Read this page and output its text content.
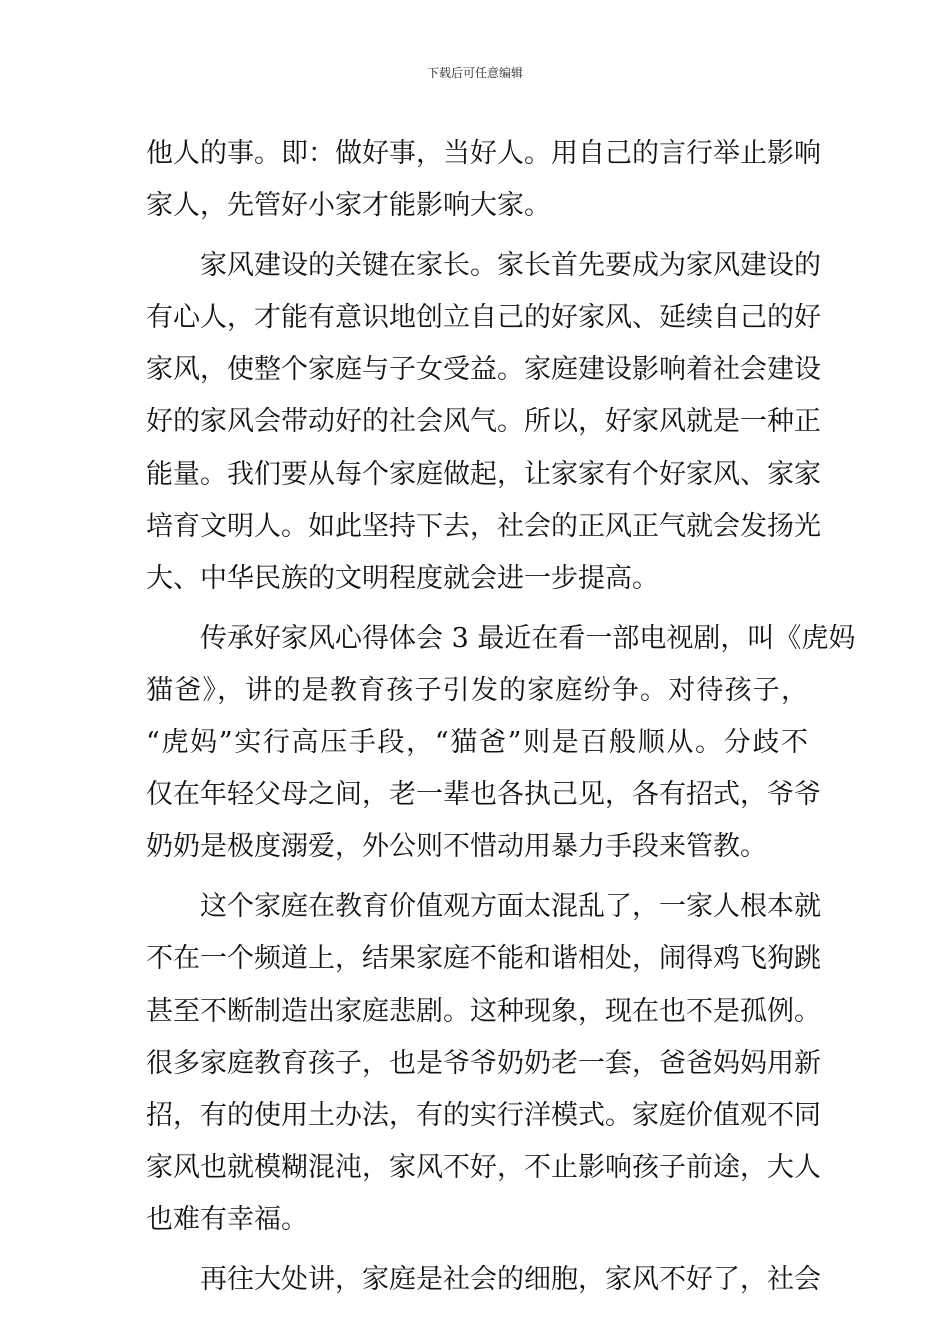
下载后可任意编辑
他人的事。即：做好事，当好人。用自己的言行举止影响
家人，先管好小家才能影响大家。
家风建设的关键在家长。家长首先要成为家风建设的
有心人，才能有意识地创立自己的好家风、延续自己的好
家风，使整个家庭与子女受益。家庭建设影响着社会建设
好的家风会带动好的社会风气。所以，好家风就是一种正
能量。我们要从每个家庭做起，让家家有个好家风、家家
培育文明人。如此坚持下去，社会的正风正气就会发扬光
大、中华民族的文明程度就会进一步提高。
传承好家风心得体会 3 最近在看一部电视剧，叫《虎妈
猫爸》，讲的是教育孩子引发的家庭纷争。对待孩子，
“虎妈”实行高压手段，“猫爸”则是百般顺从。分歧不
仅在年轻父母之间，老一辈也各执己见，各有招式，爷爷
奶奶是极度溺爱，外公则不惜动用暴力手段来管教。
这个家庭在教育价值观方面太混乱了，一家人根本就
不在一个频道上，结果家庭不能和谐相处，闹得鸡飞狗跳
甚至不断制造出家庭悲剧。这种现象，现在也不是孤例。
很多家庭教育孩子，也是爷爷奶奶老一套，爸爸妈妈用新
招，有的使用土办法，有的实行洋模式。家庭价值观不同
家风也就模糊混沌，家风不好，不止影响孩子前途，大人
也难有幸福。
再往大处讲，家庭是社会的细胞，家风不好了，社会
